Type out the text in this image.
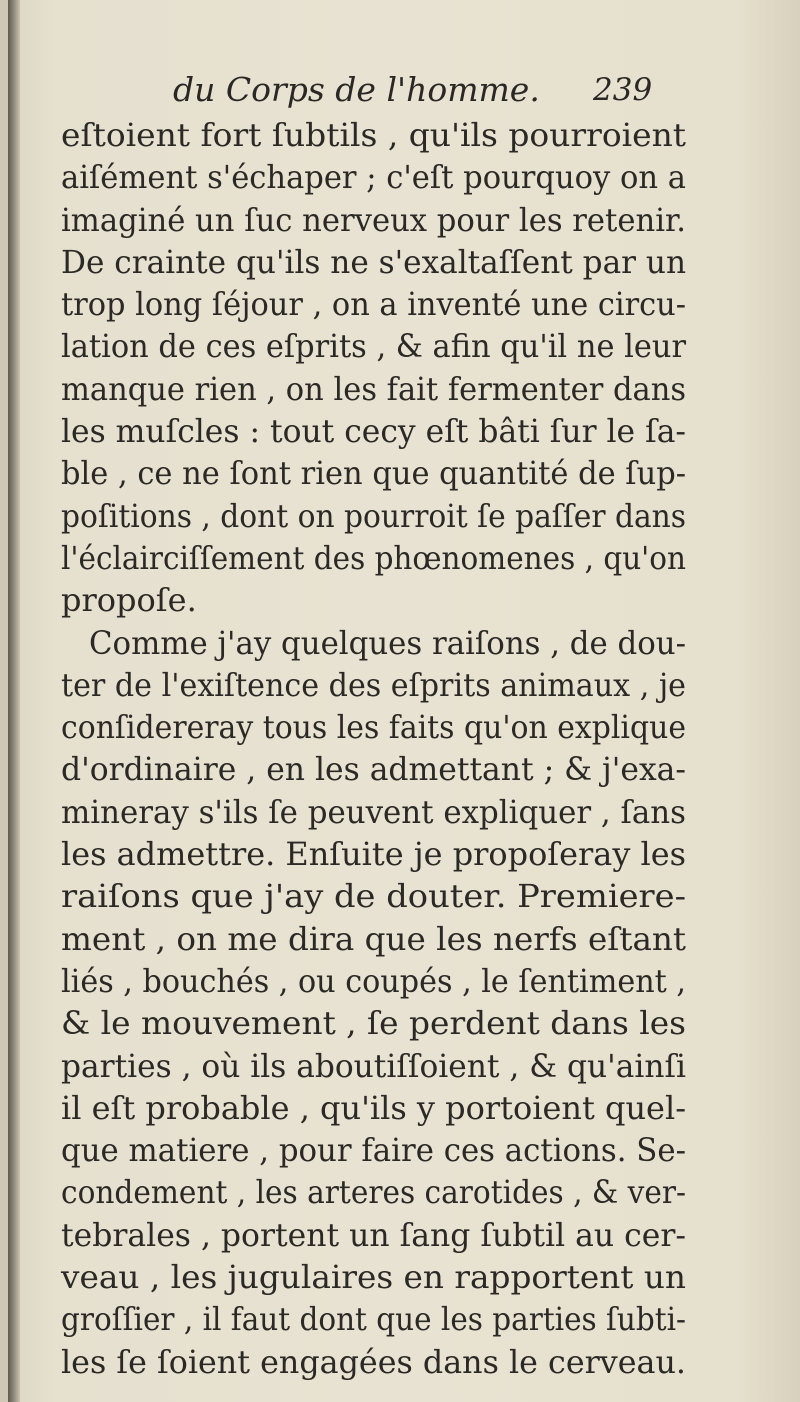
du Corps de l'homme. 239
eſtoient fort ſubtils , qu'ils pourroient
aiſément s'échaper ; c'eſt pourquoy on a
imaginé un ſuc nerveux pour les retenir.
De crainte qu'ils ne s'exaltaſſent par un
trop long ſéjour , on a inventé une circu-
lation de ces eſprits , & afin qu'il ne leur
manque rien , on les fait fermenter dans
les muſcles : tout cecy eſt bâti ſur le ſa-
ble , ce ne ſont rien que quantité de ſup-
poſitions , dont on pourroit ſe paſſer dans
l'éclairciſſement des phœnomenes , qu'on
propoſe.
Comme j'ay quelques raiſons , de dou-
ter de l'exiſtence des eſprits animaux , je
conſidereray tous les faits qu'on explique
d'ordinaire , en les admettant ; & j'exa-
mineray s'ils ſe peuvent expliquer , ſans
les admettre. Enſuite je propoſeray les
raiſons que j'ay de douter. Premiere-
ment , on me dira que les nerfs eſtant
liés , bouchés , ou coupés , le ſentiment ,
& le mouvement , ſe perdent dans les
parties , où ils aboutiſſoient , & qu'ainſi
il eſt probable , qu'ils y portoient quel-
que matiere , pour faire ces actions. Se-
condement , les arteres carotides , & ver-
tebrales , portent un ſang ſubtil au cer-
veau , les jugulaires en rapportent un
groſſier , il faut dont que les parties ſubti-
les ſe ſoient engagées dans le cerveau.
